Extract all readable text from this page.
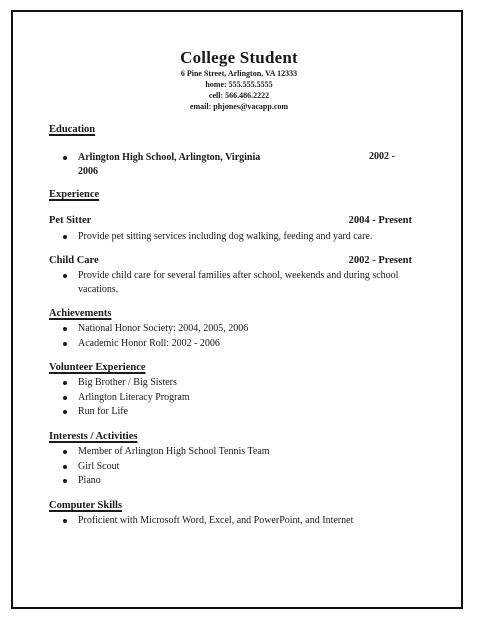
College Student
6 Pine Street, Arlington, VA 12333
home: 555.555.5555
cell: 566.486.2222
email: phjones@vacapp.com
Education
Arlington High School, Arlington, Virginia	2002 -
2006
Experience
Pet Sitter	2004 - Present
Provide pet sitting services including dog walking, feeding and yard care.
Child Care	2002 - Present
Provide child care for several families after school, weekends and during school vacations.
Achievements
National Honor Society: 2004, 2005, 2006
Academic Honor Roll: 2002 - 2006
Volunteer Experience
Big Brother / Big Sisters
Arlington Literacy Program
Run for Life
Interests / Activities
Member of Arlington High School Tennis Team
Girl Scout
Piano
Computer Skills
Proficient with Microsoft Word, Excel, and PowerPoint, and Internet
